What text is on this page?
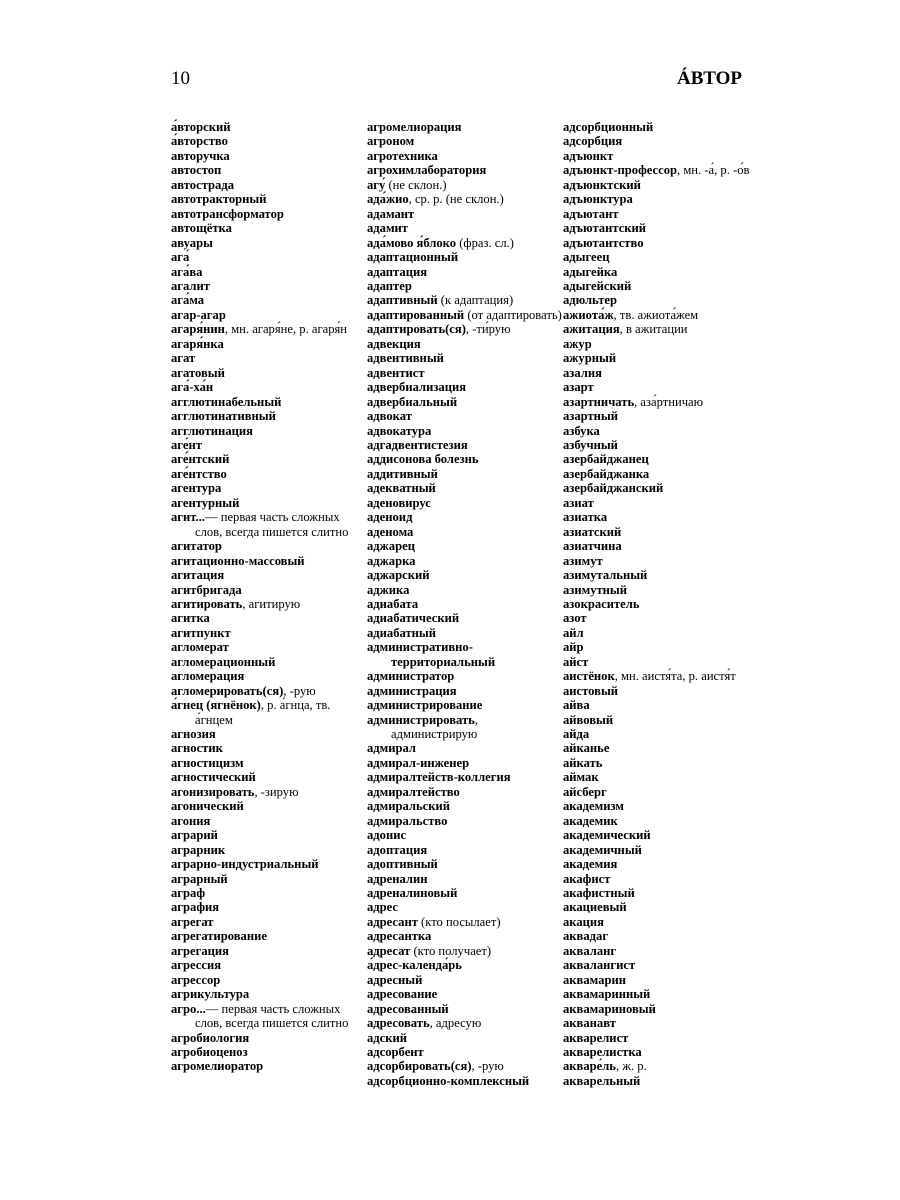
10	ÁВТОР
а́вторский
а́вторство
авторучка
автостоп
автострада
автотракторный
автотрансформатор
автощётка
авуары
ага́
ага́ва
агалит
ага́ма
агар-агар
агаря́нин, мн. агаря́не, р. агаря́н
агаря́нка
агат
агатовый
ага́-ха́н
агглютинабельный
агглютинативный
агглютинация
аге́нт
аге́нтский
аге́нтство
агентура
агентурный
агит...— первая часть сложных слов, всегда пишется слитно
агитатор
агитационно-массовый
агитация
агитбригада
агитировать, агитирую
агитка
агитпункт
агломерат
агломерационный
агломерация
агломерировать(ся), -рую
а́гнец (ягнёнок), р. а́гнца, тв. а́гнцем
агнозия
агностик
агностицизм
агностический
агонизировать, -зирую
агонический
агония
аграрий
аграрник
аграрно-индустриальный
аграрный
аграф
аграфия
агрегат
агрегатирование
агрегация
агрессия
агрессор
агрикультура
агро...— первая часть сложных слов, всегда пишется слитно
агробиология
агробиоценоз
агромелиоратор
агромелиорация
агроном
агротехника
агрохимлаборатория
агу́ (не склон.)
ада́жио, ср. р. (не склон.)
адамант
адамит
ада́мово я́блоко (фраз. сл.)
адаптационный
адаптация
адаптер
адаптивный (к адаптация)
адаптированный (от адаптировать)
адаптировать(ся), -ти́рую
адвекция
адвентивный
адвентист
адвербиализация
адвербиальный
адвокат
адвокатура
адгадвентистезия
аддисонова болезнь
аддитивный
адекватный
аденовирус
аденоид
аденома
аджарец
аджарка
аджарский
аджика
адиабата
адиабатический
адиабатный
административно-территориальный
администратор
администрация
администрирование
администрировать, администрирую
адмирал
адмирал-инженер
адмиралтейств-коллегия
адмиралтейство
адмиральский
адмиральство
адонис
адоптация
адоптивный
адреналин
адреналиновый
адрес
адресант (кто посылает)
адресантка
адресат (кто получает)
а́дрес-календа́рь
адресный
адресование
адресованный
адресовать, адресую
адский
адсорбент
адсорбировать(ся), -рую
адсорбционно-комплексный
адсорбционный
адсорбция
адъюнкт
адъюнкт-профессор, мн. -а́, р. -о́в
адъюнктский
адъюнктура
адъютант
адъютантский
адъютантство
адыгеец
адыгейка
адыгейский
адюльтер
ажиота́ж, тв. ажиота́жем
ажитация, в ажитации
ажур
ажурный
азалия
азарт
азартничать, аза́ртничаю
азартный
азбука
азбучный
азербайджанец
азербайджанка
азербайджанский
азиат
азиатка
азиатский
азиатчина
азимут
азимутальный
азимутный
азокраситель
азот
айл
айр
айст
аистёнок, мн. аистя́та, р. аистя́т
аистовый
айва
айвовый
айда
айканье
айкать
аймак
айсберг
академизм
академик
академический
академичный
академия
акафист
акафистный
акациевый
акация
аквадаг
акваланг
аквалангист
аквамарин
аквамаринный
аквамариновый
акванавт
акварелист
акварелистка
акваре́ль, ж. р.
акварельный
